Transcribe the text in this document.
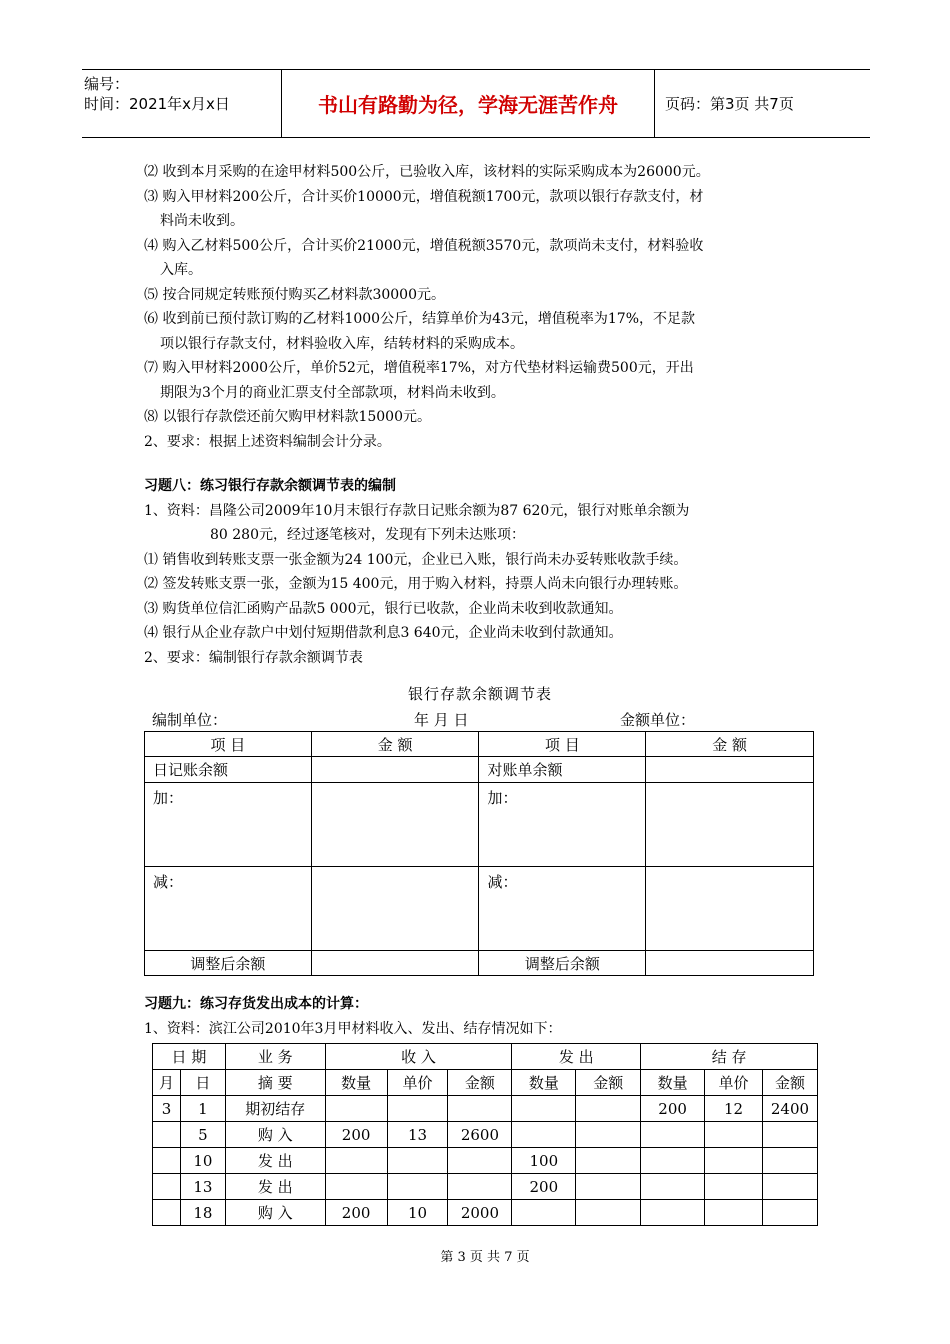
编号：
时间：2021年x月x日	书山有路勤为径，学海无涯苦作舟	页码：第3页 共7页

⑵ 收到本月采购的在途甲材料500公斤，已验收入库，该材料的实际采购成本为26000元。

⑶ 购入甲材料200公斤，合计买价10000元，增值税额1700元，款项以银行存款支付，材

料尚未收到。

⑷ 购入乙材料500公斤，合计买价21000元，增值税额3570元，款项尚未支付，材料验收

入库。

⑸ 按合同规定转账预付购买乙材料款30000元。

⑹ 收到前已预付款订购的乙材料1000公斤，结算单价为43元，增值税率为17%，不足款

项以银行存款支付，材料验收入库，结转材料的采购成本。

⑺ 购入甲材料2000公斤，单价52元，增值税率17%，对方代垫材料运输费500元，开出

期限为3个月的商业汇票支付全部款项，材料尚未收到。

⑻ 以银行存款偿还前欠购甲材料款15000元。

2、要求：根据上述资料编制会计分录。

习题八：练习银行存款余额调节表的编制

1、资料：昌隆公司2009年10月末银行存款日记账余额为87 620元，银行对账单余额为

80 280元，经过逐笔核对，发现有下列未达账项：

⑴ 销售收到转账支票一张金额为24 100元，企业已入账，银行尚未办妥转账收款手续。

⑵ 签发转账支票一张，金额为15 400元，用于购入材料，持票人尚未向银行办理转账。

⑶ 购货单位信汇函购产品款5 000元，银行已收款，企业尚未收到收款通知。

⑷ 银行从企业存款户中划付短期借款利息3 640元，企业尚未收到付款通知。

2、要求：编制银行存款余额调节表

银行存款余额调节表
编制单位：	年 月 日	金额单位：
项 目	金 额	项 目	金 额
日记账余额		对账单余额	
加：		加：	
减：		减：	
调整后余额		调整后余额	

习题九：练习存货发出成本的计算：

1、资料：滨江公司2010年3月甲材料收入、发出、结存情况如下：

日 期		业 务	收 入			发 出		结 存		
月	日	摘 要	数量	单价	金额	数量	金额	数量	单价	金额
3	1	期初结存						200	12	2400
	5	购 入	200	13	2600					
	10	发 出				100				
	13	发 出				200				
	18	购 入	200	10	2000					
第 3 页 共 7 页
